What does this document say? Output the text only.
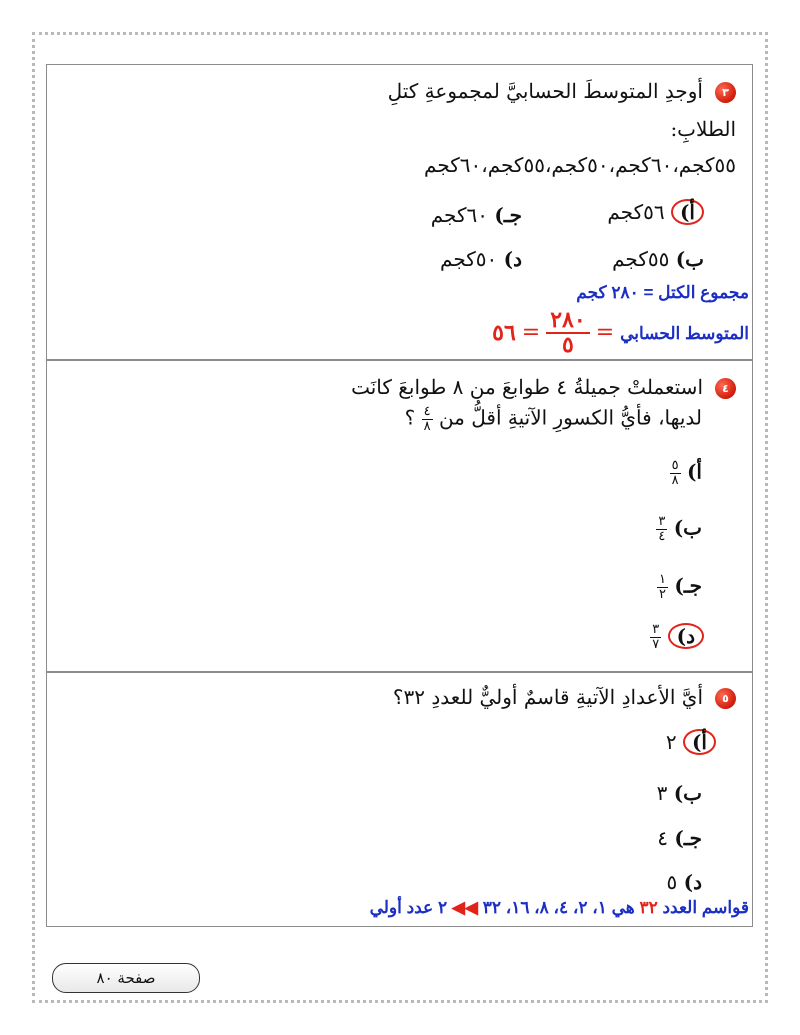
٣أوجدِ المتوسطَ الحسابيَّ لمجموعةِ كتلِ
الطلابِ:
٥٥كجم،٦٠كجم،٥٠كجم،٥٥كجم،٦٠كجم
أ) ٥٦كجم
جـ) ٦٠كجم
ب) ٥٥كجم
د) ٥٠كجم
مجموع الكتل = ٢٨٠ كجم
المتوسط الحسابي
=
٢٨٠
٥
=
٥٦
٤استعملتْ جميلةُ ٤ طوابعَ من ٨ طوابعَ كانَت
لديها، فأيُّ الكسورِ الآتيةِ أقلُّ من
$\frac{٤}{٨}$
؟
أ)
$\frac{٥}{٨}$
ب)
$\frac{٣}{٤}$
جـ)
$\frac{١}{٢}$
د)
$\frac{٣}{٧}$
٥أيَّ الأعدادِ الآتيةِ قاسمٌ أوليٌّ للعددِ ٣٢؟
أ) ٢
ب) ٣
جـ) ٤
د) ٥
قواسم العدد ٣٢ هي ١، ٢، ٤، ٨، ١٦، ٣٢ ◀◀ ٢ عدد أولي
صفحة ٨٠
